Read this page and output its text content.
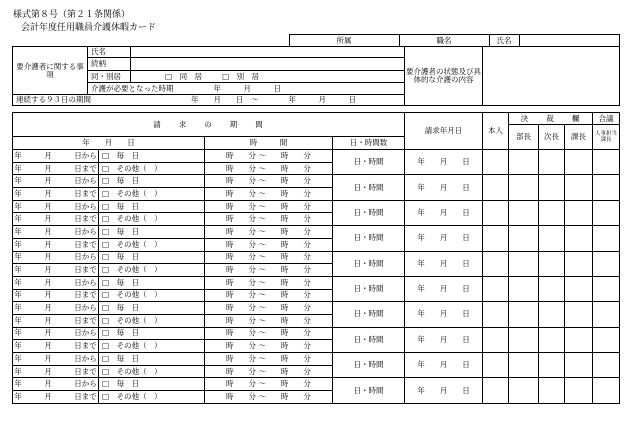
様式第８号（第２１条関係）
会計年度任用職員介護休暇カード
	所属	職名	氏名	
要介護者に関する事項	氏名		要介護者の状態及び具体的な介護の内容	
	続柄			
	同・別居	□　同　居 □　別　居		
	介護が必要となった時期 年　　　月　　　日			
連続する９３日の期間 年　　月　　日　～　　　　年　　　月　　　日				
請　　求　　の　　期　　間				請求年月日	本人	決　　裁　　欄			合議
						部長	次長	課長	人事担当課長
年　　月　　日		時　　　間	日・時間数						
年　　　月　　　日から	□　毎　日	時　　分 ～　　時　　分	日・時間	年　　月　　日					
年　　　月　　　日まで	□　その他（　）	時　　分 ～　　時　　分							
年　　　月　　　日から	□　毎　日	時　　分 ～　　時　　分	日・時間	年　　月　　日					
年　　　月　　　日まで	□　その他（　）	時　　分 ～　　時　　分							
年　　　月　　　日から	□　毎　日	時　　分 ～　　時　　分	日・時間	年　　月　　日					
年　　　月　　　日まで	□　その他（　）	時　　分 ～　　時　　分							
年　　　月　　　日から	□　毎　日	時　　分 ～　　時　　分	日・時間	年　　月　　日					
年　　　月　　　日まで	□　その他（　）	時　　分 ～　　時　　分							
年　　　月　　　日から	□　毎　日	時　　分 ～　　時　　分	日・時間	年　　月　　日					
年　　　月　　　日まで	□　その他（　）	時　　分 ～　　時　　分							
年　　　月　　　日から	□　毎　日	時　　分 ～　　時　　分	日・時間	年　　月　　日					
年　　　月　　　日まで	□　その他（　）	時　　分 ～　　時　　分							
年　　　月　　　日から	□　毎　日	時　　分 ～　　時　　分	日・時間	年　　月　　日					
年　　　月　　　日まで	□　その他（　）	時　　分 ～　　時　　分							
年　　　月　　　日から	□　毎　日	時　　分 ～　　時　　分	日・時間	年　　月　　日					
年　　　月　　　日まで	□　その他（　）	時　　分 ～　　時　　分							
年　　　月　　　日から	□　毎　日	時　　分 ～　　時　　分	日・時間	年　　月　　日					
年　　　月　　　日まで	□　その他（　）	時　　分 ～　　時　　分							
年　　　月　　　日から	□　毎　日	時　　分 ～　　時　　分	日・時間	年　　月　　日					
年　　　月　　　日まで	□　その他（　）	時　　分 ～　　時　　分							
